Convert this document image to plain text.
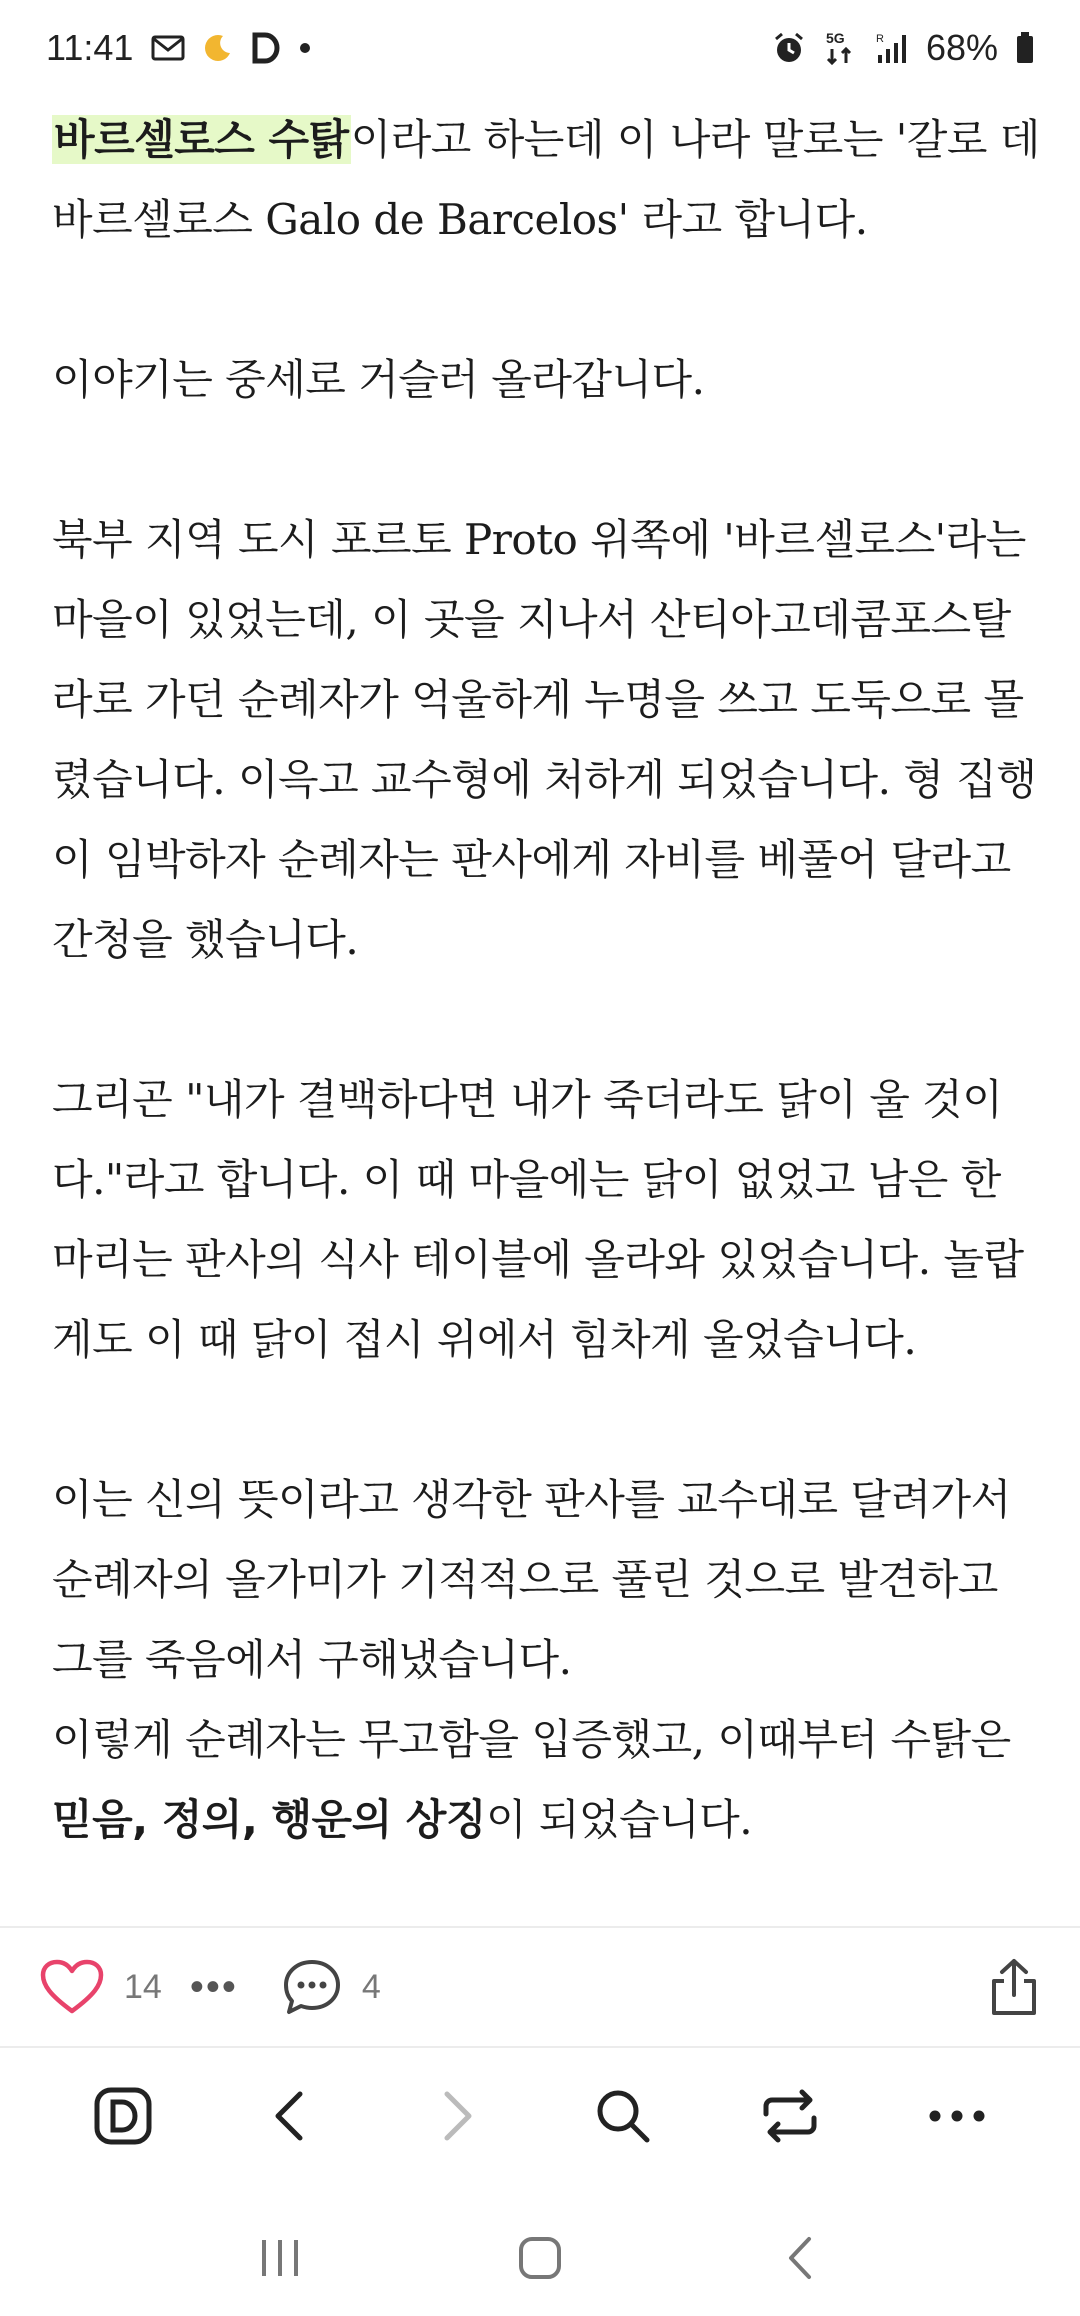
11:41	5G	R 68%

바르셀로스 수탉이라고 하는데 이 나라 말로는 '갈로 데 바르셀로스 Galo de Barcelos' 라고 합니다.

이야기는 중세로 거슬러 올라갑니다.

북부 지역 도시 포르토 Proto 위쪽에 '바르셀로스'라는 마을이 있었는데, 이 곳을 지나서 산티아고데콤포스탈라로 가던 순례자가 억울하게 누명을 쓰고 도둑으로 몰렸습니다. 이윽고 교수형에 처하게 되었습니다. 형 집행이 임박하자 순례자는 판사에게 자비를 베풀어 달라고 간청을 했습니다.

그리곤 "내가 결백하다면 내가 죽더라도 닭이 울 것이다."라고 합니다. 이 때 마을에는 닭이 없었고 남은 한 마리는 판사의 식사 테이블에 올라와 있었습니다. 놀랍게도 이 때 닭이 접시 위에서 힘차게 울었습니다.

이는 신의 뜻이라고 생각한 판사를 교수대로 달려가서 순례자의 올가미가 기적적으로 풀린 것으로 발견하고 그를 죽음에서 구해냈습니다.

이렇게 순례자는 무고함을 입증했고, 이때부터 수탉은

믿음, 정의, 행운의 상징이 되었습니다.

14 •••	4
